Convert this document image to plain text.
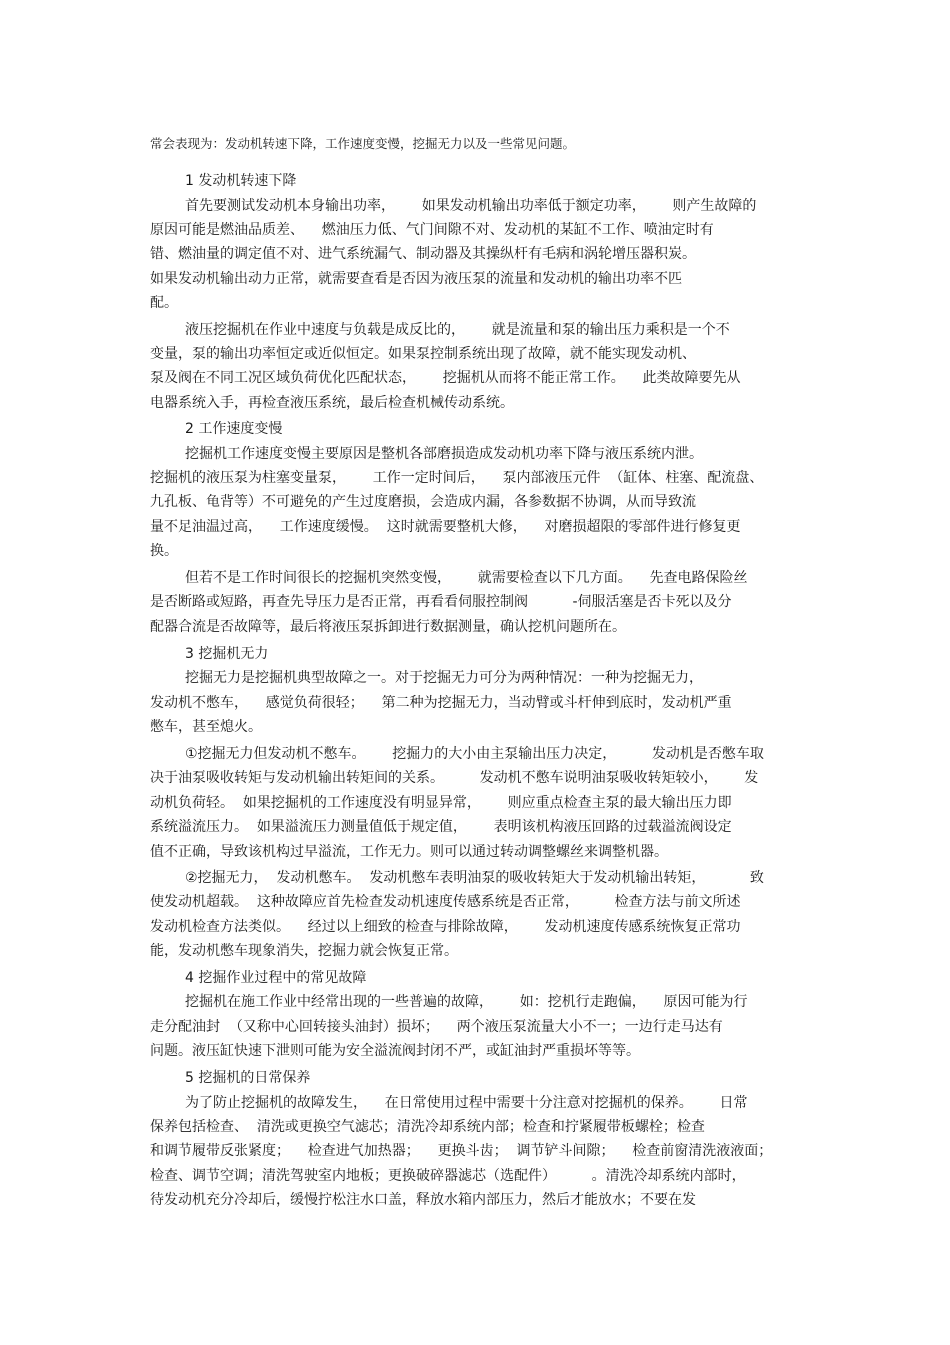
常会表现为：发动机转速下降，工作速度变慢，挖掘无力以及一些常见问题。
1 发动机转速下降
首先要测试发动机本身输出功率，      如果发动机输出功率低于额定功率，      则产生故障的
原因可能是燃油品质差、    燃油压力低、气门间隙不对、发动机的某缸不工作、喷油定时有
错、燃油量的调定值不对、进气系统漏气、制动器及其操纵杆有毛病和涡轮增压器积炭。
如果发动机输出动力正常，就需要查看是否因为液压泵的流量和发动机的输出功率不匹
配。
液压挖掘机在作业中速度与负载是成反比的，      就是流量和泵的输出压力乘积是一个不
变量，泵的输出功率恒定或近似恒定。如果泵控制系统出现了故障，就不能实现发动机、
泵及阀在不同工况区域负荷优化匹配状态，      挖掘机从而将不能正常工作。    此类故障要先从
电器系统入手，再检查液压系统，最后检查机械传动系统。
2 工作速度变慢
挖掘机工作速度变慢主要原因是整机各部磨损造成发动机功率下降与液压系统内泄。
挖掘机的液压泵为柱塞变量泵，      工作一定时间后，    泵内部液压元件  （缸体、柱塞、配流盘、
九孔板、龟背等）不可避免的产生过度磨损，会造成内漏，各参数据不协调，从而导致流
量不足油温过高，    工作速度缓慢。  这时就需要整机大修，    对磨损超限的零部件进行修复更
换。
但若不是工作时间很长的挖掘机突然变慢，      就需要检查以下几方面。    先查电路保险丝
是否断路或短路，再查先导压力是否正常，再看看伺服控制阀          -伺服活塞是否卡死以及分
配器合流是否故障等，最后将液压泵拆卸进行数据测量，确认挖机问题所在。
3 挖掘机无力
挖掘无力是挖掘机典型故障之一。对于挖掘无力可分为两种情况：一种为挖掘无力，
发动机不憋车，    感觉负荷很轻；    第二种为挖掘无力，当动臂或斗杆伸到底时，发动机严重
憋车，甚至熄火。
①挖掘无力但发动机不憋车。      挖掘力的大小由主泵输出压力决定，        发动机是否憋车取
决于油泵吸收转矩与发动机输出转矩间的关系。        发动机不憋车说明油泵吸收转矩较小，      发
动机负荷轻。  如果挖掘机的工作速度没有明显异常，      则应重点检查主泵的最大输出压力即
系统溢流压力。  如果溢流压力测量值低于规定值，      表明该机构液压回路的过载溢流阀设定
值不正确，导致该机构过早溢流，工作无力。则可以通过转动调整螺丝来调整机器。
②挖掘无力，  发动机憋车。  发动机憋车表明油泵的吸收转矩大于发动机输出转矩，          致
使发动机超载。  这种故障应首先检查发动机速度传感系统是否正常，        检查方法与前文所述
发动机检查方法类似。    经过以上细致的检查与排除故障，      发动机速度传感系统恢复正常功
能，发动机憋车现象消失，挖掘力就会恢复正常。
4 挖掘作业过程中的常见故障
挖掘机在施工作业中经常出现的一些普遍的故障，      如：挖机行走跑偏，    原因可能为行
走分配油封  （又称中心回转接头油封）损坏；    两个液压泵流量大小不一；一边行走马达有
问题。液压缸快速下泄则可能为安全溢流阀封闭不严，或缸油封严重损坏等等。
5 挖掘机的日常保养
为了防止挖掘机的故障发生，    在日常使用过程中需要十分注意对挖掘机的保养。      日常
保养包括检查、  清洗或更换空气滤芯；清洗冷却系统内部；检查和拧紧履带板螺栓；检查
和调节履带反张紧度；    检查进气加热器；    更换斗齿；  调节铲斗间隙；    检查前窗清洗液液面；
检查、调节空调；清洗驾驶室内地板；更换破碎器滤芯（选配件）        。清洗冷却系统内部时，
待发动机充分冷却后，缓慢拧松注水口盖，释放水箱内部压力，然后才能放水；不要在发
